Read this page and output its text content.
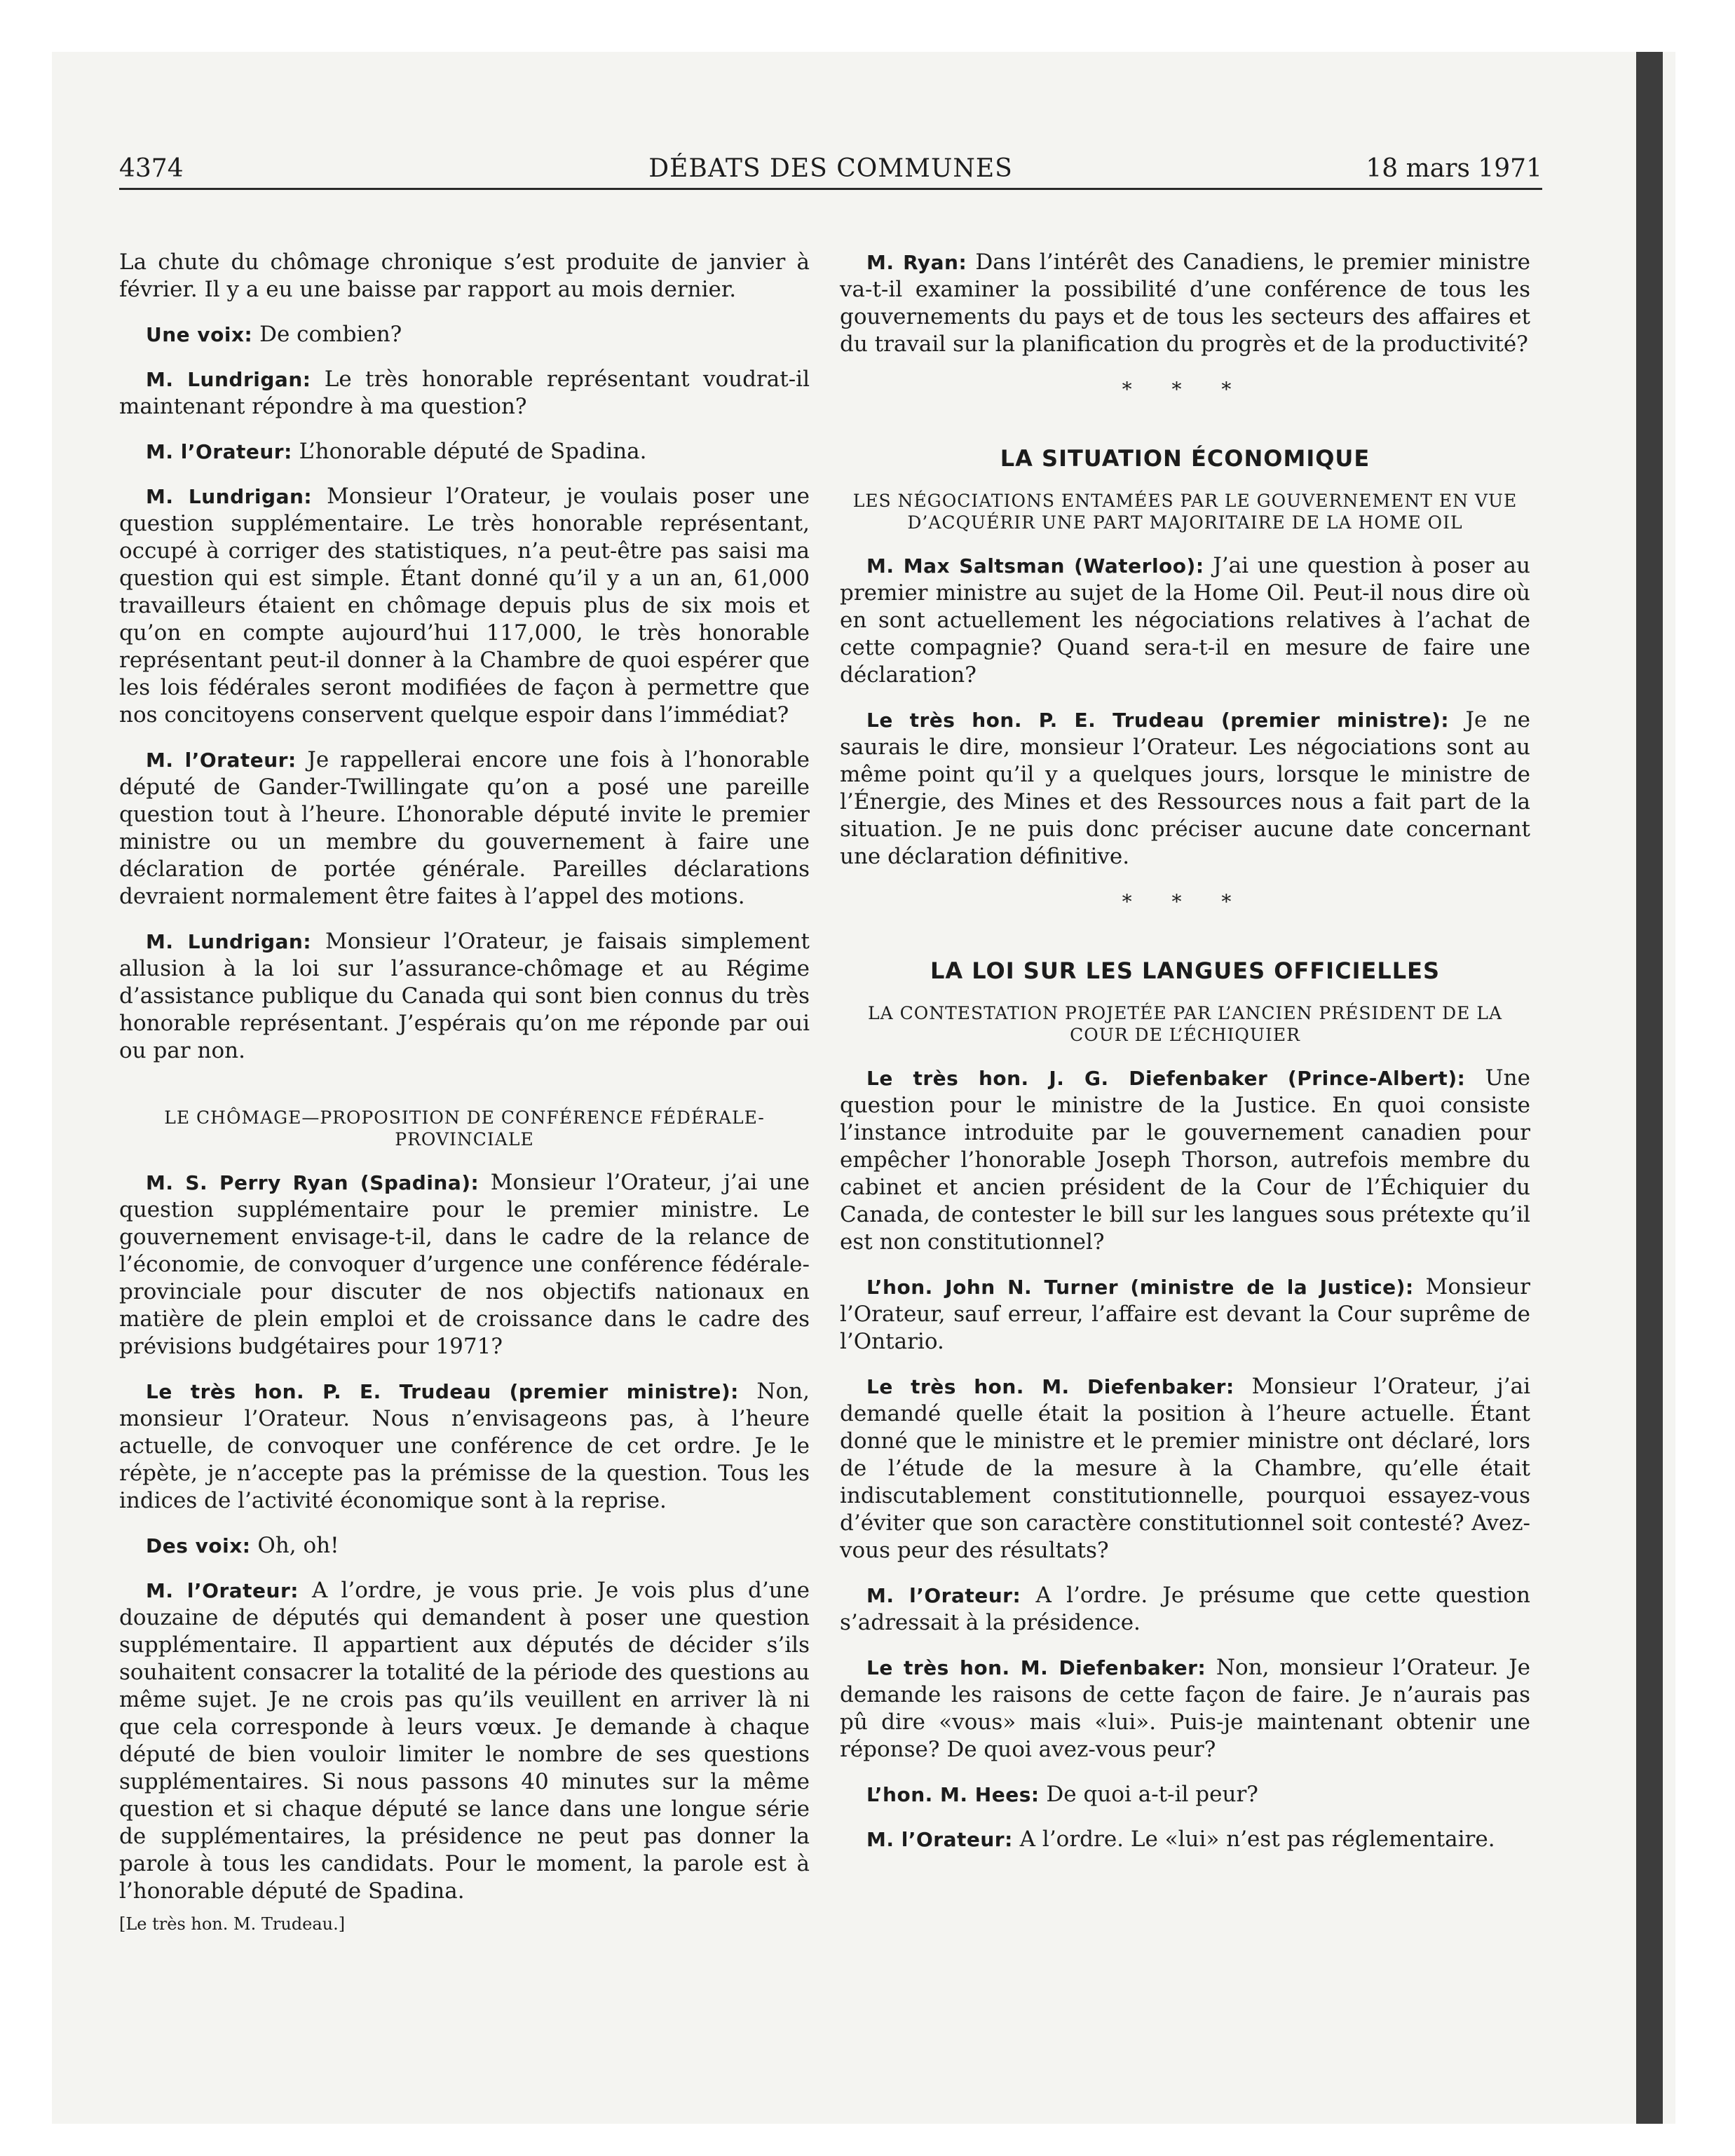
4374	DÉBATS DES COMMUNES	18 mars 1971

La chute du chômage chronique s’est produite de janvier à février. Il y a eu une baisse par rapport au mois dernier.

Une voix: De combien?

M. Lundrigan: Le très honorable représentant voudrat-il maintenant répondre à ma question?

M. l’Orateur: L’honorable député de Spadina.

M. Lundrigan: Monsieur l’Orateur, je voulais poser une question supplémentaire. Le très honorable représentant, occupé à corriger des statistiques, n’a peut-être pas saisi ma question qui est simple. Étant donné qu’il y a un an, 61,000 travailleurs étaient en chômage depuis plus de six mois et qu’on en compte aujourd’hui 117,000, le très honorable représentant peut-il donner à la Chambre de quoi espérer que les lois fédérales seront modifiées de façon à permettre que nos concitoyens conservent quelque espoir dans l’immédiat?

M. l’Orateur: Je rappellerai encore une fois à l’honorable député de Gander-Twillingate qu’on a posé une pareille question tout à l’heure. L’honorable député invite le premier ministre ou un membre du gouvernement à faire une déclaration de portée générale. Pareilles déclarations devraient normalement être faites à l’appel des motions.

M. Lundrigan: Monsieur l’Orateur, je faisais simplement allusion à la loi sur l’assurance-chômage et au Régime d’assistance publique du Canada qui sont bien connus du très honorable représentant. J’espérais qu’on me réponde par oui ou par non.

LE CHÔMAGE—PROPOSITION DE CONFÉRENCE FÉDÉRALE-PROVINCIALE

M. S. Perry Ryan (Spadina): Monsieur l’Orateur, j’ai une question supplémentaire pour le premier ministre. Le gouvernement envisage-t-il, dans le cadre de la relance de l’économie, de convoquer d’urgence une conférence fédérale-provinciale pour discuter de nos objectifs nationaux en matière de plein emploi et de croissance dans le cadre des prévisions budgétaires pour 1971?

Le très hon. P. E. Trudeau (premier ministre): Non, monsieur l’Orateur. Nous n’envisageons pas, à l’heure actuelle, de convoquer une conférence de cet ordre. Je le répète, je n’accepte pas la prémisse de la question. Tous les indices de l’activité économique sont à la reprise.

Des voix: Oh, oh!

M. l’Orateur: A l’ordre, je vous prie. Je vois plus d’une douzaine de députés qui demandent à poser une question supplémentaire. Il appartient aux députés de décider s’ils souhaitent consacrer la totalité de la période des questions au même sujet. Je ne crois pas qu’ils veuillent en arriver là ni que cela corresponde à leurs vœux. Je demande à chaque député de bien vouloir limiter le nombre de ses questions supplémentaires. Si nous passons 40 minutes sur la même question et si chaque député se lance dans une longue série de supplémentaires, la présidence ne peut pas donner la parole à tous les candidats. Pour le moment, la parole est à l’honorable député de Spadina.

[Le très hon. M. Trudeau.]

M. Ryan: Dans l’intérêt des Canadiens, le premier ministre va-t-il examiner la possibilité d’une conférence de tous les gouvernements du pays et de tous les secteurs des affaires et du travail sur la planification du progrès et de la productivité?

* * *
LA SITUATION ÉCONOMIQUE
LES NÉGOCIATIONS ENTAMÉES PAR LE GOUVERNEMENT EN VUE D’ACQUÉRIR UNE PART MAJORITAIRE DE LA HOME OIL

M. Max Saltsman (Waterloo): J’ai une question à poser au premier ministre au sujet de la Home Oil. Peut-il nous dire où en sont actuellement les négociations relatives à l’achat de cette compagnie? Quand sera-t-il en mesure de faire une déclaration?

Le très hon. P. E. Trudeau (premier ministre): Je ne saurais le dire, monsieur l’Orateur. Les négociations sont au même point qu’il y a quelques jours, lorsque le ministre de l’Énergie, des Mines et des Ressources nous a fait part de la situation. Je ne puis donc préciser aucune date concernant une déclaration définitive.

* * *
LA LOI SUR LES LANGUES OFFICIELLES
LA CONTESTATION PROJETÉE PAR L’ANCIEN PRÉSIDENT DE LA COUR DE L’ÉCHIQUIER

Le très hon. J. G. Diefenbaker (Prince-Albert): Une question pour le ministre de la Justice. En quoi consiste l’instance introduite par le gouvernement canadien pour empêcher l’honorable Joseph Thorson, autrefois membre du cabinet et ancien président de la Cour de l’Échiquier du Canada, de contester le bill sur les langues sous prétexte qu’il est non constitutionnel?

L’hon. John N. Turner (ministre de la Justice): Monsieur l’Orateur, sauf erreur, l’affaire est devant la Cour suprême de l’Ontario.

Le très hon. M. Diefenbaker: Monsieur l’Orateur, j’ai demandé quelle était la position à l’heure actuelle. Étant donné que le ministre et le premier ministre ont déclaré, lors de l’étude de la mesure à la Chambre, qu’elle était indiscutablement constitutionnelle, pourquoi essayez-vous d’éviter que son caractère constitutionnel soit contesté? Avez-vous peur des résultats?

M. l’Orateur: A l’ordre. Je présume que cette question s’adressait à la présidence.

Le très hon. M. Diefenbaker: Non, monsieur l’Orateur. Je demande les raisons de cette façon de faire. Je n’aurais pas pû dire «vous» mais «lui». Puis-je maintenant obtenir une réponse? De quoi avez-vous peur?

L’hon. M. Hees: De quoi a-t-il peur?

M. l’Orateur: A l’ordre. Le «lui» n’est pas réglementaire.
